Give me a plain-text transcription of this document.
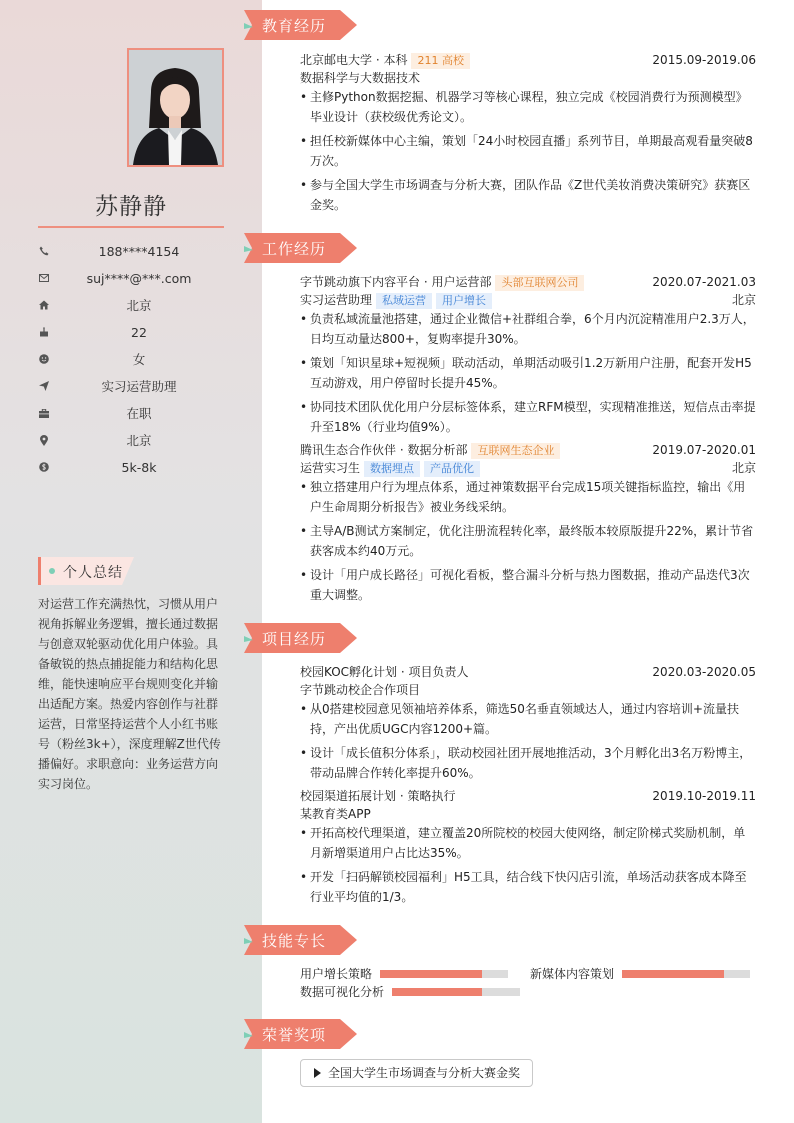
苏静静
188****4154
suj****@***.com
北京
22
女
实习运营助理
在职
北京
5k-8k
个人总结
对运营工作充满热忱，习惯从用户视角拆解业务逻辑，擅长通过数据与创意双轮驱动优化用户体验。具备敏锐的热点捕捉能力和结构化思维，能快速响应平台规则变化并输出适配方案。热爱内容创作与社群运营，日常坚持运营个人小红书账号（粉丝3k+），深度理解Z世代传播偏好。求职意向：业务运营方向实习岗位。
教育经历
工作经历
项目经历
技能专长
荣誉奖项
北京邮电大学 · 本科 211 高校	2015.09-2019.06
数据科学与大数据技术
• 主修Python数据挖掘、机器学习等核心课程，独立完成《校园消费行为预测模型》毕业设计（获校级优秀论文）。
• 担任校新媒体中心主编，策划「24小时校园直播」系列节目，单期最高观看量突破8万次。
• 参与全国大学生市场调查与分析大赛，团队作品《Z世代美妆消费决策研究》获赛区金奖。
字节跳动旗下内容平台 · 用户运营部 头部互联网公司	2020.07-2021.03
实习运营助理 私域运营 用户增长	北京
• 负责私域流量池搭建，通过企业微信+社群组合拳，6个月内沉淀精准用户2.3万人，日均互动量达800+，复购率提升30%。
• 策划「知识星球+短视频」联动活动，单期活动吸引1.2万新用户注册，配套开发H5互动游戏，用户停留时长提升45%。
• 协同技术团队优化用户分层标签体系，建立RFM模型，实现精准推送，短信点击率提升至18%（行业均值9%）。
腾讯生态合作伙伴 · 数据分析部 互联网生态企业	2019.07-2020.01
运营实习生 数据埋点 产品优化	北京
• 独立搭建用户行为埋点体系，通过神策数据平台完成15项关键指标监控，输出《用户生命周期分析报告》被业务线采纳。
• 主导A/B测试方案制定，优化注册流程转化率，最终版本较原版提升22%，累计节省获客成本约40万元。
• 设计「用户成长路径」可视化看板，整合漏斗分析与热力图数据，推动产品迭代3次重大调整。
校园KOC孵化计划 · 项目负责人	2020.03-2020.05
字节跳动校企合作项目
• 从0搭建校园意见领袖培养体系，筛选50名垂直领域达人，通过内容培训+流量扶持，产出优质UGC内容1200+篇。
• 设计「成长值积分体系」，联动校园社团开展地推活动，3个月孵化出3名万粉博主，带动品牌合作转化率提升60%。
校园渠道拓展计划 · 策略执行	2019.10-2019.11
某教育类APP
• 开拓高校代理渠道，建立覆盖20所院校的校园大使网络，制定阶梯式奖励机制，单月新增渠道用户占比达35%。
• 开发「扫码解锁校园福利」H5工具，结合线下快闪店引流，单场活动获客成本降至行业平均值的1/3。
用户增长策略	新媒体内容策划
数据可视化分析
全国大学生市场调查与分析大赛金奖
